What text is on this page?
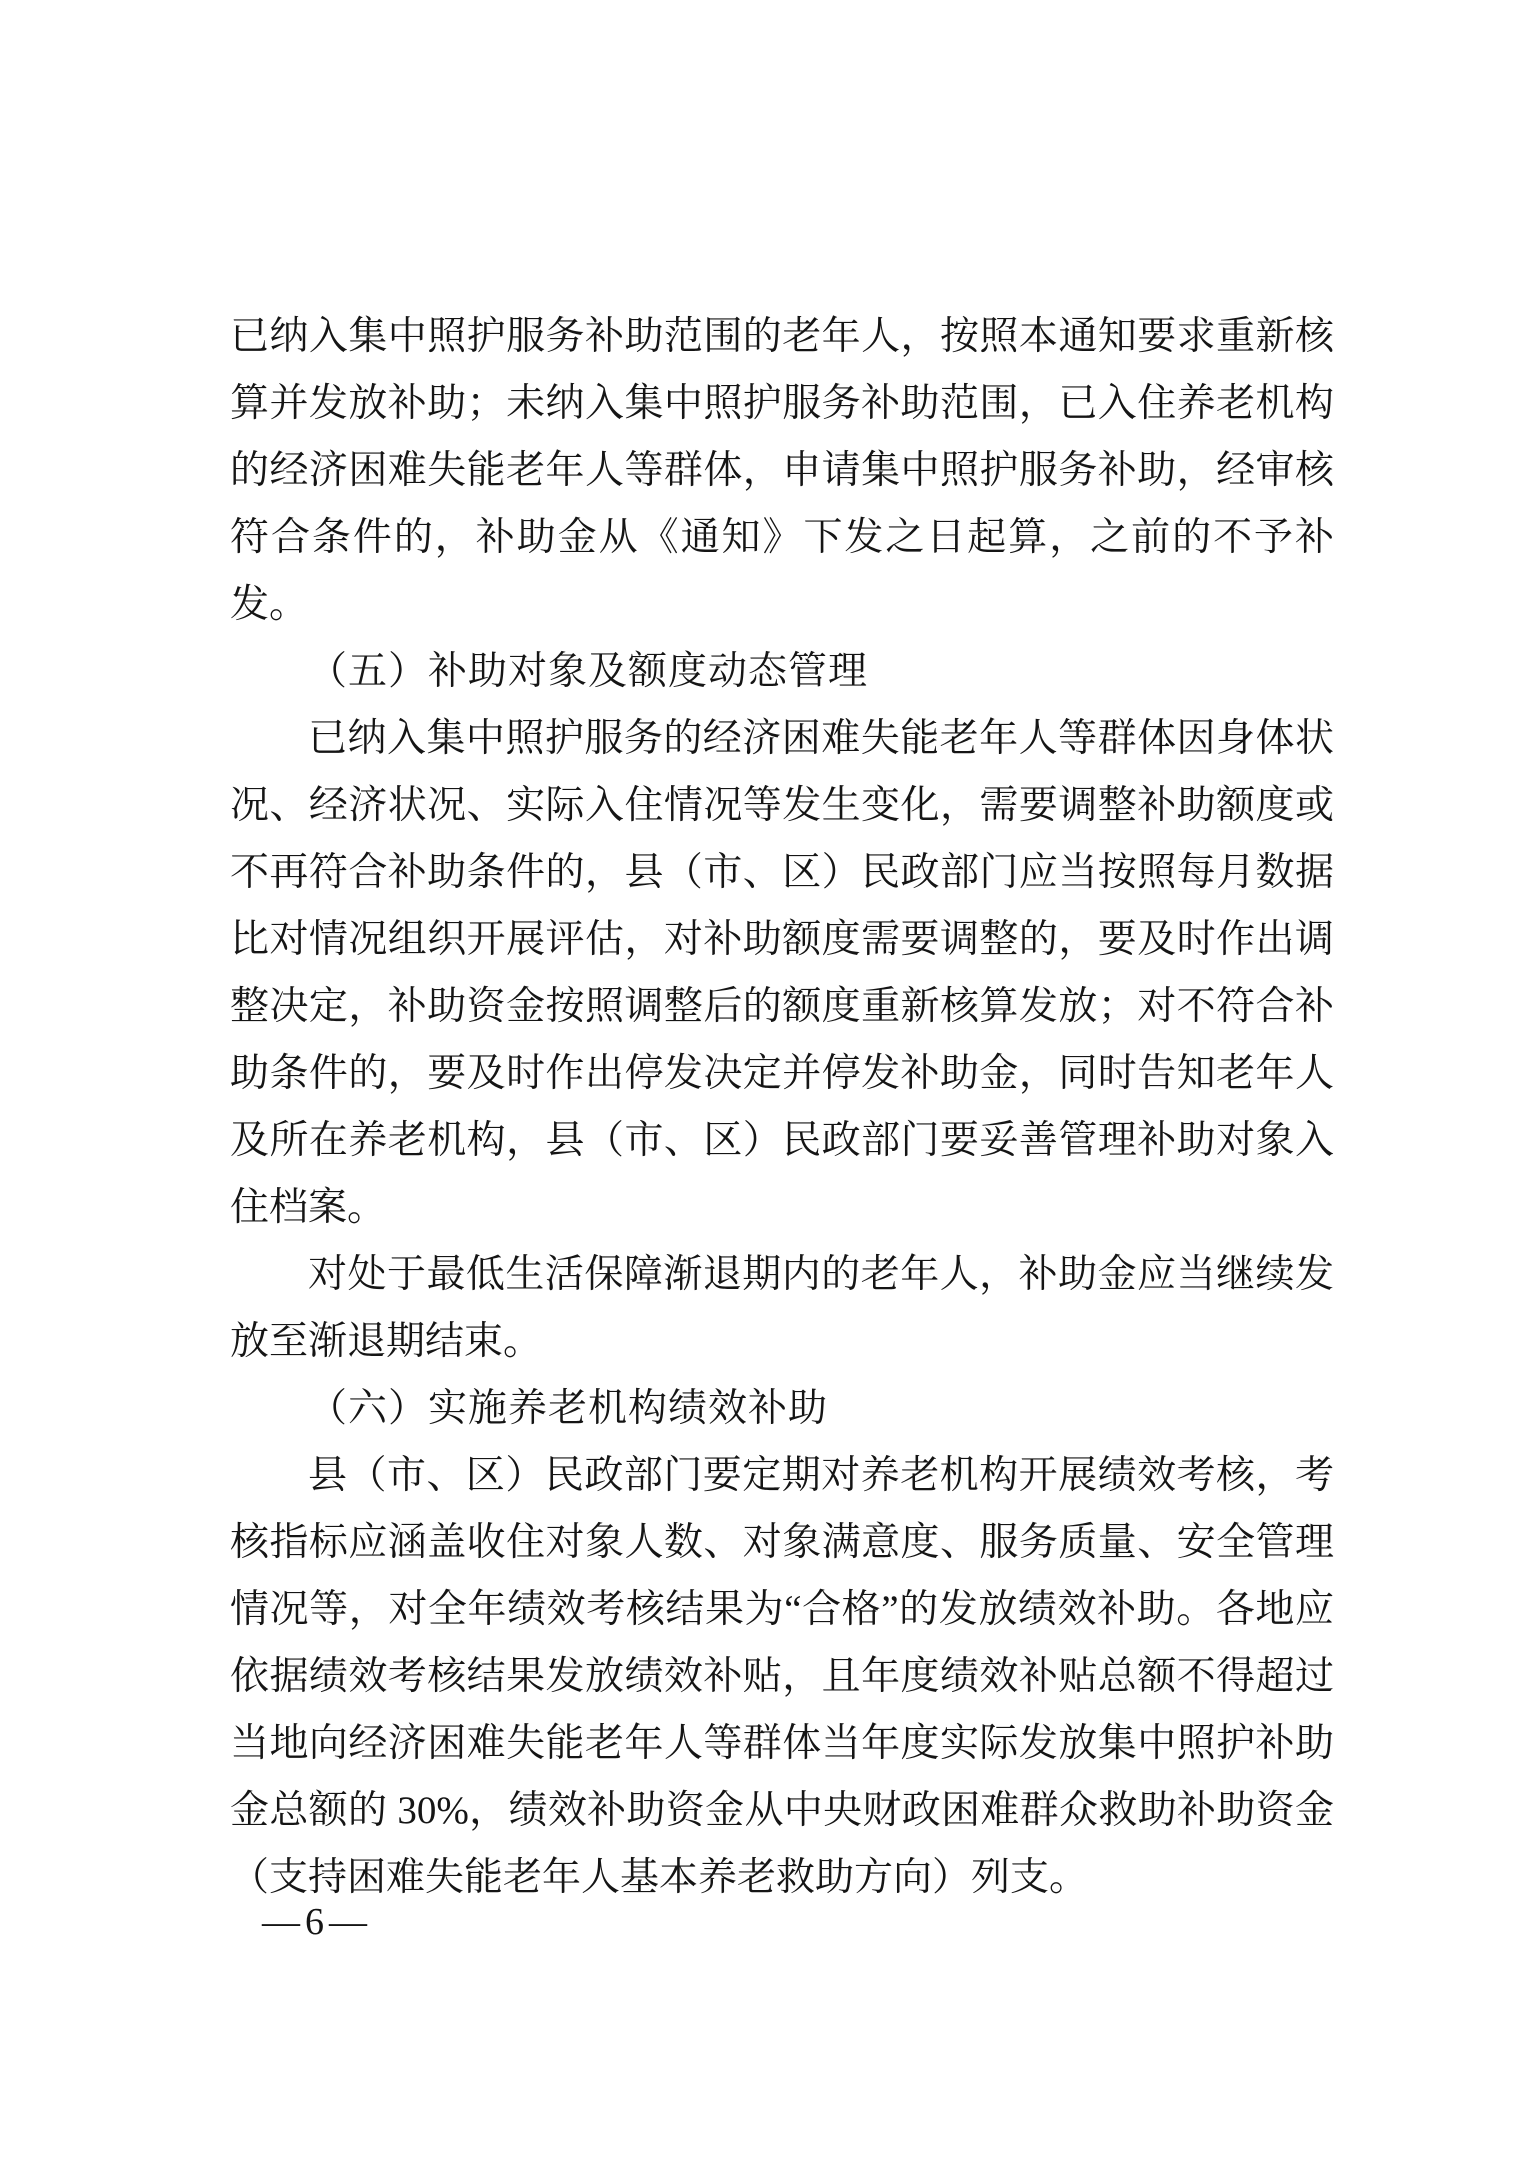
已纳入集中照护服务补助范围的老年人，按照本通知要求重新核算并发放补助；未纳入集中照护服务补助范围，已入住养老机构的经济困难失能老年人等群体，申请集中照护服务补助，经审核符合条件的，补助金从《通知》下发之日起算，之前的不予补发。

（五）补助对象及额度动态管理

已纳入集中照护服务的经济困难失能老年人等群体因身体状况、经济状况、实际入住情况等发生变化，需要调整补助额度或不再符合补助条件的，县（市、区）民政部门应当按照每月数据比对情况组织开展评估，对补助额度需要调整的，要及时作出调整决定，补助资金按照调整后的额度重新核算发放；对不符合补助条件的，要及时作出停发决定并停发补助金，同时告知老年人及所在养老机构，县（市、区）民政部门要妥善管理补助对象入住档案。

对处于最低生活保障渐退期内的老年人，补助金应当继续发放至渐退期结束。

（六）实施养老机构绩效补助

县（市、区）民政部门要定期对养老机构开展绩效考核，考核指标应涵盖收住对象人数、对象满意度、服务质量、安全管理情况等，对全年绩效考核结果为“合格”的发放绩效补助。各地应依据绩效考核结果发放绩效补贴，且年度绩效补贴总额不得超过当地向经济困难失能老年人等群体当年度实际发放集中照护补助金总额的 30%，绩效补助资金从中央财政困难群众救助补助资金（支持困难失能老年人基本养老救助方向）列支。

—6—
